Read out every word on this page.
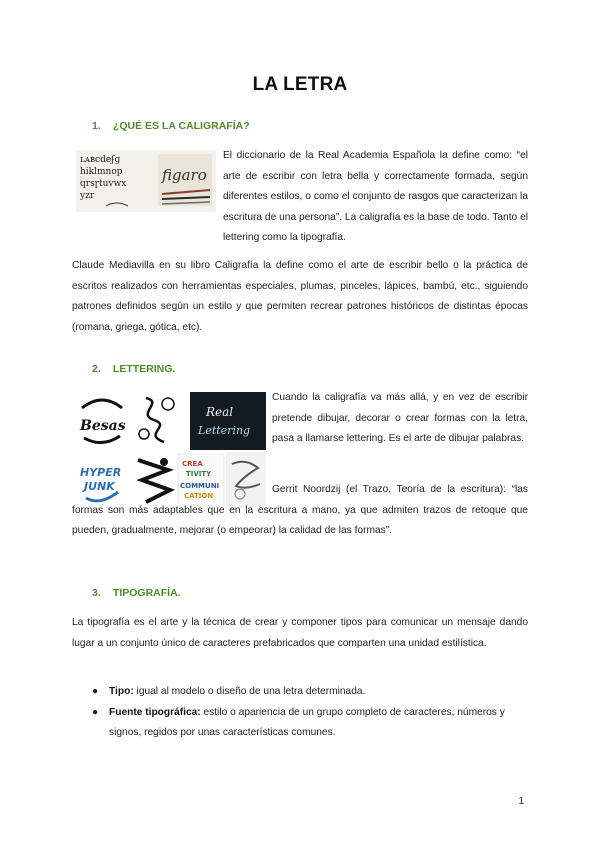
LA LETRA
1. ¿QUÉ ES LA CALIGRAFÍA?
ʟᴀʙcdeʄg
hiklmnop
qrsɼtuvwx
yzr
figaro
El diccionario de la Real Academia Española la define como: “el arte de escribir con letra bella y correctamente formada, según diferentes estilos, o como el conjunto de rasgos que caracterizan la escritura de una persona”. La caligrafía es la base de todo. Tanto el lettering como la tipografía.
Claude Mediavilla en su libro Caligrafía la define como el arte de escribir bello o la práctica de escritos realizados con herramientas especiales, plumas, pinceles, lápices, bambú, etc., siguiendo patrones definidos según un estilo y que permiten recrear patrones históricos de distintas épocas (romana, griega, gótica, etc).
2. LETTERING.
Besas
Real
Lettering
HYPER
JUNK
CREA
TIVITY
COMMUNI
CATION
Cuando la caligrafía va más allá, y en vez de escribir pretende dibujar, decorar o crear formas con la letra, pasa a llamarse lettering. Es el arte de dibujar palabras.
Gerrit Noordzij (el Trazo, Teoría de la escritura): “las formas son más adaptables que en la escritura a mano, ya que admiten trazos de retoque que pueden, gradualmente, mejorar (o empeorar) la calidad de las formas”.
3. TIPOGRAFÍA.
La tipografía es el arte y la técnica de crear y componer tipos para comunicar un mensaje dando lugar a un conjunto único de caracteres prefabricados que comparten una unidad estilística.
● Tipo: igual al modelo o diseño de una letra determinada.
● Fuente tipográfica: estilo o apariencia de un grupo completo de caracteres, números y signos, regidos por unas características comunes.
1
